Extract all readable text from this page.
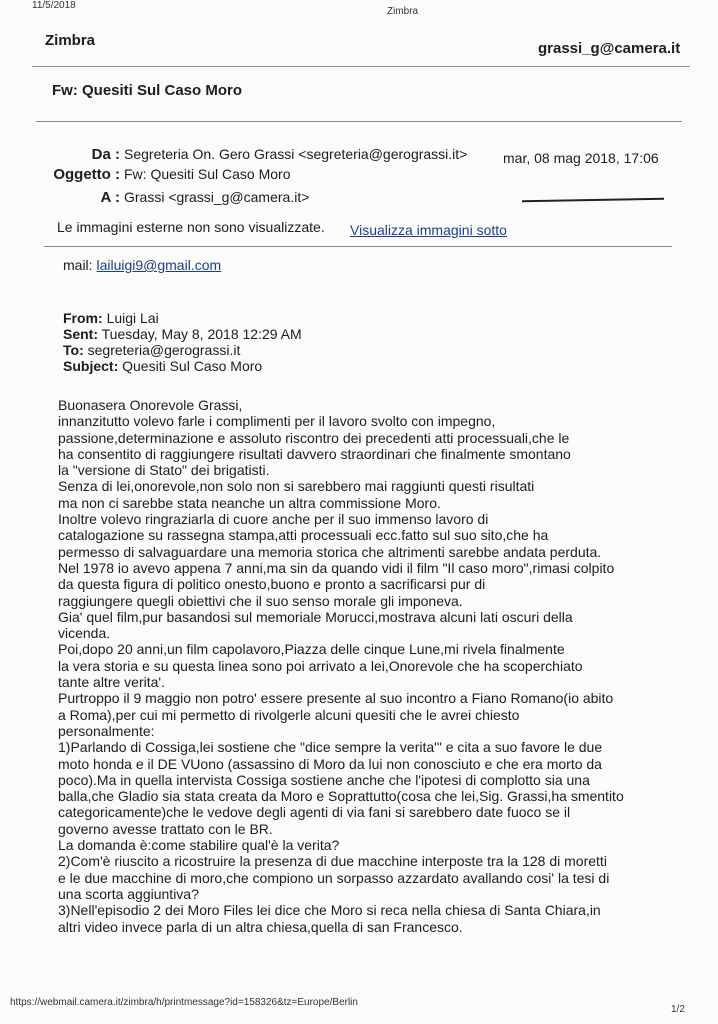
11/5/2018
Zimbra
Zimbra	grassi_g@camera.it
Fw: Quesiti Sul Caso Moro
Da : Segreteria On. Gero Grassi <segreteria@gerograssi.it>	mar, 08 mag 2018, 17:06
Oggetto : Fw: Quesiti Sul Caso Moro
A : Grassi <grassi_g@camera.it>
Le immagini esterne non sono visualizzate. Visualizza immagini sotto
mail: lailuigi9@gmail.com
From: Luigi Lai
Sent: Tuesday, May 8, 2018 12:29 AM
To: segreteria@gerograssi.it
Subject: Quesiti Sul Caso Moro

Buonasera Onorevole Grassi,

innanzitutto volevo farle i complimenti per il lavoro svolto con impegno,

passione,determinazione e assoluto riscontro dei precedenti atti processuali,che le

ha consentito di raggiungere risultati davvero straordinari che finalmente smontano

la "versione di Stato" dei brigatisti.

Senza di lei,onorevole,non solo non si sarebbero mai raggiunti questi risultati

ma non ci sarebbe stata neanche un altra commissione Moro.

Inoltre volevo ringraziarla di cuore anche per il suo immenso lavoro di

catalogazione su rassegna stampa,atti processuali ecc.fatto sul suo sito,che ha

permesso di salvaguardare una memoria storica che altrimenti sarebbe andata perduta.

Nel 1978 io avevo appena 7 anni,ma sin da quando vidi il film "Il caso moro",rimasi colpito

da questa figura di politico onesto,buono e pronto a sacrificarsi pur di

raggiungere quegli obiettivi che il suo senso morale gli imponeva.

Gia' quel film,pur basandosi sul memoriale Morucci,mostrava alcuni lati oscuri della

vicenda.

Poi,dopo 20 anni,un film capolavoro,Piazza delle cinque Lune,mi rivela finalmente

la vera storia e su questa linea sono poi arrivato a lei,Onorevole che ha scoperchiato

tante altre verita'.

Purtroppo il 9 maggio non potro' essere presente al suo incontro a Fiano Romano(io abito

a Roma),per cui mi permetto di rivolgerle alcuni quesiti che le avrei chiesto

personalmente:

1)Parlando di Cossiga,lei sostiene che "dice sempre la verita'" e cita a suo favore le due

moto honda e il DE VUono (assassino di Moro da lui non conosciuto e che era morto da

poco).Ma in quella intervista Cossiga sostiene anche che l'ipotesi di complotto sia una

balla,che Gladio sia stata creata da Moro e Soprattutto(cosa che lei,Sig. Grassi,ha smentito

categoricamente)che le vedove degli agenti di via fani si sarebbero date fuoco se il

governo avesse trattato con le BR.

La domanda è:come stabilire qual'è la verita?

2)Com'è riuscito a ricostruire la presenza di due macchine interposte tra la 128 di moretti

e le due macchine di moro,che compiono un sorpasso azzardato avallando cosi' la tesi di

una scorta aggiuntiva?

3)Nell'episodio 2 dei Moro Files lei dice che Moro si reca nella chiesa di Santa Chiara,in

altri video invece parla di un altra chiesa,quella di san Francesco.

https://webmail.camera.it/zimbra/h/printmessage?id=158326&tz=Europe/Berlin
1/2
